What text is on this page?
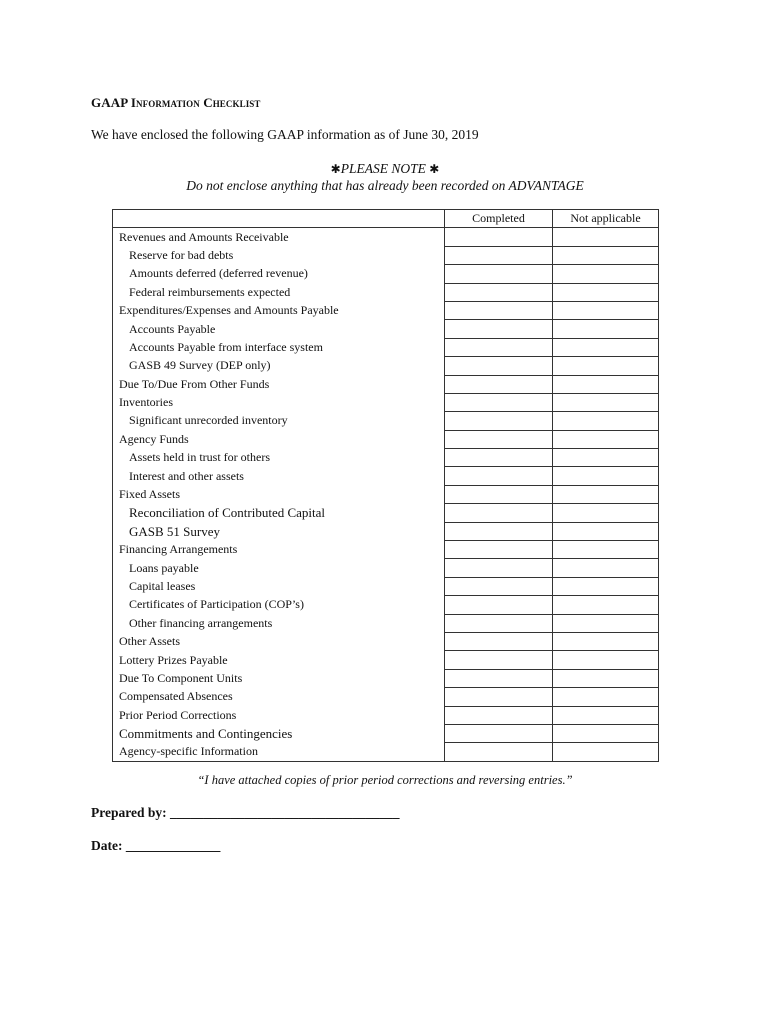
GAAP Information Checklist
We have enclosed the following GAAP information as of June 30, 2019
✱PLEASE NOTE ✱
Do not enclose anything that has already been recorded on ADVANTAGE
	Completed	Not applicable
Revenues and Amounts Receivable		
Reserve for bad debts		
Amounts deferred (deferred revenue)		
Federal reimbursements expected		
Expenditures/Expenses and Amounts Payable		
Accounts Payable		
Accounts Payable from interface system		
GASB 49 Survey (DEP only)		
Due To/Due From Other Funds		
Inventories		
Significant unrecorded inventory		
Agency Funds		
Assets held in trust for others		
Interest and other assets		
Fixed Assets		
Reconciliation of Contributed Capital		
GASB 51 Survey		
Financing Arrangements		
Loans payable		
Capital leases		
Certificates of Participation (COP’s)		
Other financing arrangements		
Other Assets		
Lottery Prizes Payable		
Due To Component Units		
Compensated Absences		
Prior Period Corrections		
Commitments and Contingencies		
Agency-specific Information		
“I have attached copies of prior period corrections and reversing entries.”
Prepared by: __________________________________
Date: ______________
